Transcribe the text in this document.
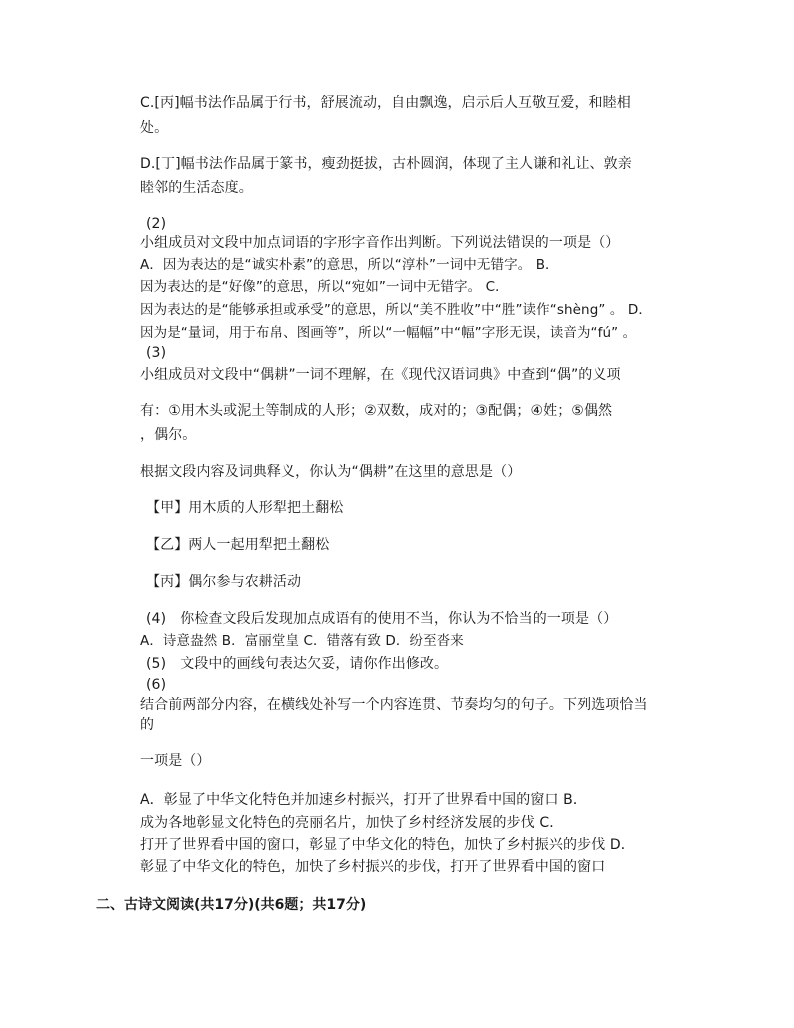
C.[丙]幅书法作品属于行书，舒展流动，自由飘逸，启示后人互敬互爱，和睦相
处。
D.[丁]幅书法作品属于篆书，瘦劲挺拔，古朴圆润，体现了主人谦和礼让、敦亲
睦邻的生活态度。
(2)
小组成员对文段中加点词语的字形字音作出判断。下列说法错误的一项是（）
A．因为表达的是“诚实朴素”的意思，所以“淳朴”一词中无错字。 B．
因为表达的是“好像”的意思，所以“宛如”一词中无错字。 C．
因为表达的是“能够承担或承受”的意思，所以“美不胜收”中“胜”读作“shèng” 。 D．
因为是“量词，用于布帛、图画等”，所以“一幅幅”中“幅”字形无误，读音为“fú” 。
(3)
小组成员对文段中“偶耕”一词不理解，在《现代汉语词典》中查到“偶”的义项
有：①用木头或泥土等制成的人形；②双数，成对的；③配偶；④姓；⑤偶然
，偶尔。
根据文段内容及词典释义，你认为“偶耕”在这里的意思是（）
【甲】用木质的人形犁把土翻松
【乙】两人一起用犁把土翻松
【丙】偶尔参与农耕活动
(4)　你检查文段后发现加点成语有的使用不当，你认为不恰当的一项是（）
A．诗意盎然 B．富丽堂皇 C．错落有致 D．纷至沓来
(5)　文段中的画线句表达欠妥，请你作出修改。
(6)
结合前两部分内容，在横线处补写一个内容连贯、节奏均匀的句子。下列选项恰当
的
一项是（）
A．彰显了中华文化特色并加速乡村振兴，打开了世界看中国的窗口 B．
成为各地彰显文化特色的亮丽名片，加快了乡村经济发展的步伐 C．
打开了世界看中国的窗口，彰显了中华文化的特色，加快了乡村振兴的步伐 D．
彰显了中华文化的特色，加快了乡村振兴的步伐，打开了世界看中国的窗口
二、古诗文阅读(共17分)(共6题；共17分)
